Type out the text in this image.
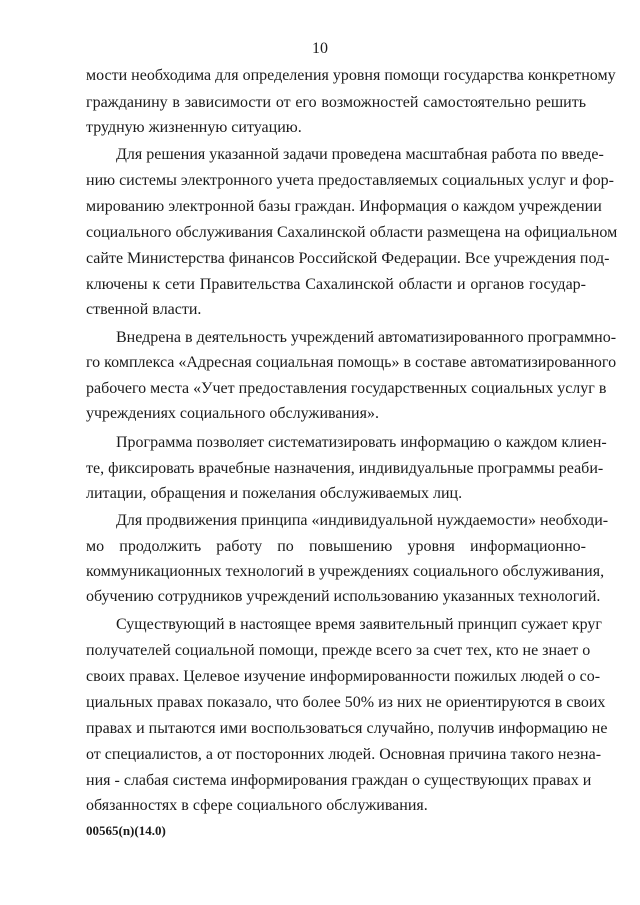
10
мости необходима для определения уровня помощи государства конкретному
гражданину в зависимости от его возможностей самостоятельно решить
трудную жизненную ситуацию.
Для решения указанной задачи проведена масштабная работа по введе-
нию системы электронного учета предоставляемых социальных услуг и фор-
мированию электронной базы граждан. Информация о каждом учреждении
социального обслуживания Сахалинской области размещена на официальном
сайте Министерства финансов Российской Федерации. Все учреждения под-
ключены к сети Правительства Сахалинской области и органов государ-
ственной власти.
Внедрена в деятельность учреждений автоматизированного программно-
го комплекса «Адресная социальная помощь» в составе автоматизированного
рабочего места «Учет предоставления государственных социальных услуг в
учреждениях социального обслуживания».
Программа позволяет систематизировать информацию о каждом клиен-
те, фиксировать врачебные назначения, индивидуальные программы реаби-
литации, обращения и пожелания обслуживаемых лиц.
Для продвижения принципа «индивидуальной нуждаемости» необходи-
мо продолжить работу по повышению уровня информационно-
коммуникационных технологий в учреждениях социального обслуживания,
обучению сотрудников учреждений использованию указанных технологий.
Существующий в настоящее время заявительный принцип сужает круг
получателей социальной помощи, прежде всего за счет тех, кто не знает о
своих правах. Целевое изучение информированности пожилых людей о со-
циальных правах показало, что более 50% из них не ориентируются в своих
правах и пытаются ими воспользоваться случайно, получив информацию не
от специалистов, а от посторонних людей. Основная причина такого незна-
ния - слабая система информирования граждан о существующих правах и
обязанностях в сфере социального обслуживания.
00565(n)(14.0)
